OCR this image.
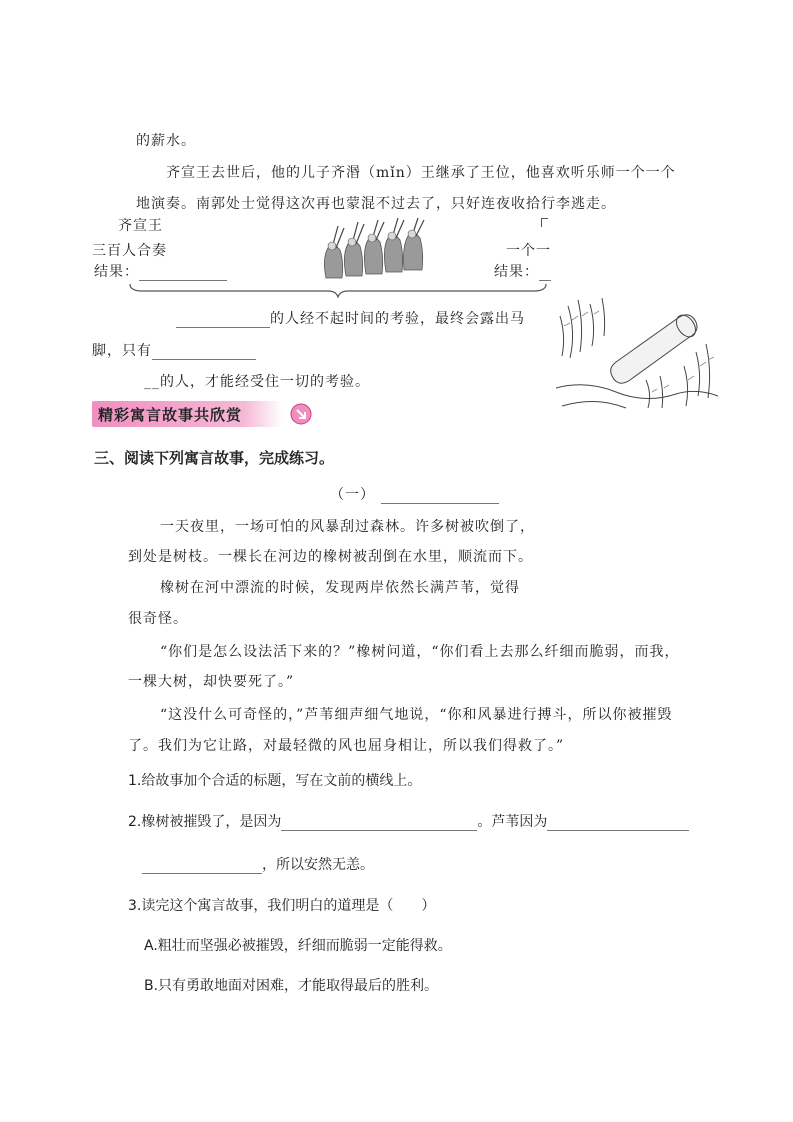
的薪水。
齐宣王去世后，他的儿子齐湣（mǐn）王继承了王位，他喜欢听乐师一个一个
地演奏。南郭处士觉得这次再也蒙混不过去了，只好连夜收拾行李逃走。
齐宣王
三百人合奏
结果：
一个一
结果：
的人经不起时间的考验，最终会露出马
脚，只有
__的人，才能经受住一切的考验。
精彩寓言故事共欣赏
三、阅读下列寓言故事，完成练习。
（一）
一天夜里，一场可怕的风暴刮过森林。许多树被吹倒了，
到处是树枝。一棵长在河边的橡树被刮倒在水里，顺流而下。
橡树在河中漂流的时候，发现两岸依然长满芦苇，觉得
很奇怪。
“你们是怎么设法活下来的？”橡树问道，“你们看上去那么纤细而脆弱，而我，
一棵大树，却快要死了。”
“这没什么可奇怪的，”芦苇细声细气地说，“你和风暴进行搏斗，所以你被摧毁
了。我们为它让路，对最轻微的风也屈身相让，所以我们得救了。”
1.给故事加个合适的标题，写在文前的横线上。
2.橡树被摧毁了，是因为	。芦苇因为
，所以安然无恙。
3.读完这个寓言故事，我们明白的道理是（　　）
A.粗壮而坚强必被摧毁，纤细而脆弱一定能得救。
B.只有勇敢地面对困难，才能取得最后的胜利。
